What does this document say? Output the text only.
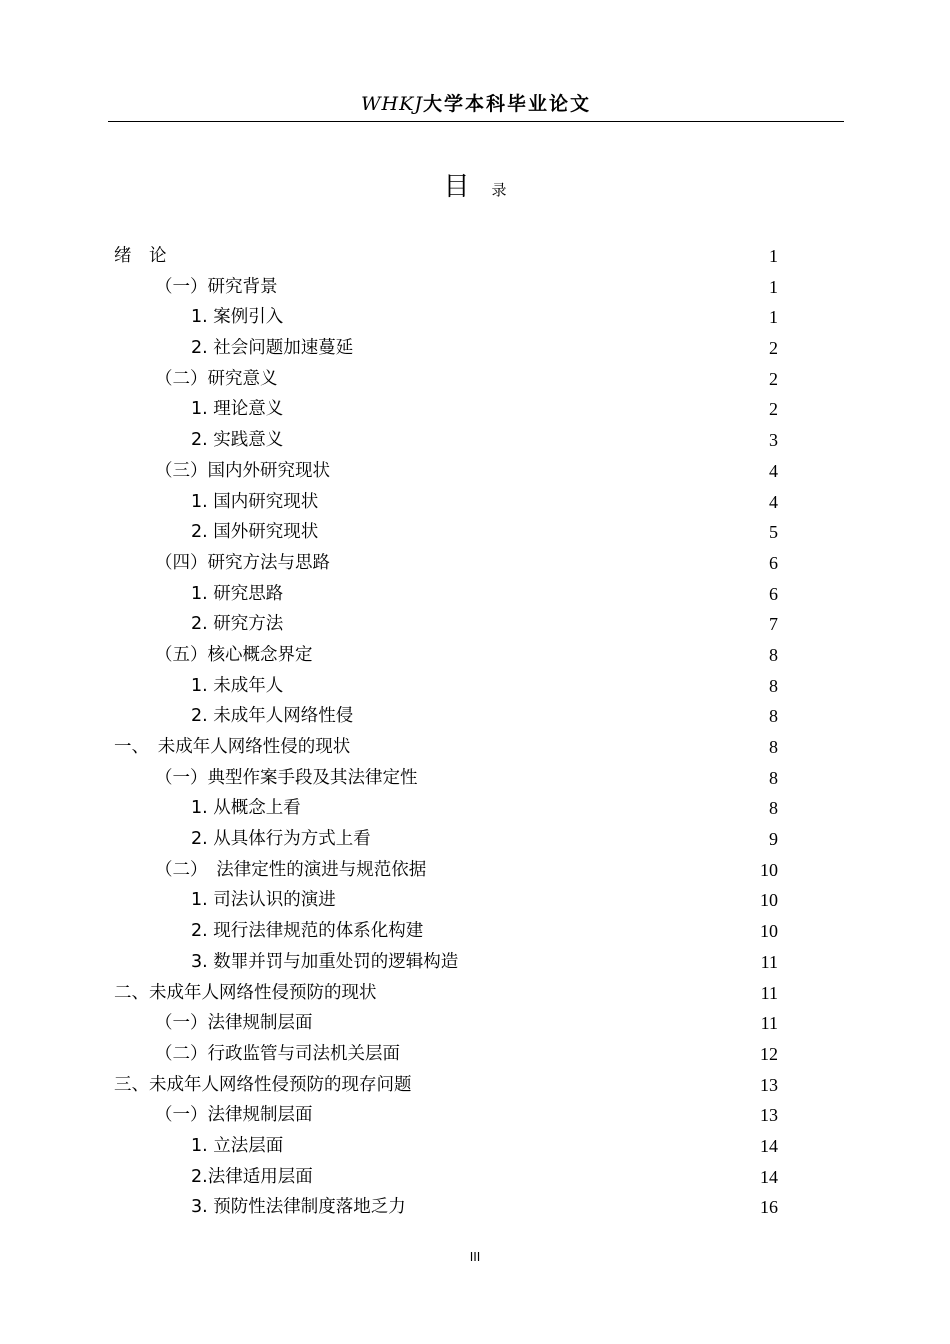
WHKJ大学本科毕业论文
目 录
绪　论	1
（一）研究背景	1
1. 案例引入	1
2. 社会问题加速蔓延	2
（二）研究意义	2
1. 理论意义	2
2. 实践意义	3
（三）国内外研究现状	4
1. 国内研究现状	4
2. 国外研究现状	5
（四）研究方法与思路	6
1. 研究思路	6
2. 研究方法	7
（五）核心概念界定	8
1. 未成年人	8
2. 未成年人网络性侵	8
一、　未成年人网络性侵的现状	8
（一）典型作案手段及其法律定性	8
1. 从概念上看	8
2. 从具体行为方式上看	9
（二）　法律定性的演进与规范依据	10
1. 司法认识的演进	10
2. 现行法律规范的体系化构建	10
3. 数罪并罚与加重处罚的逻辑构造	11
二、未成年人网络性侵预防的现状	11
（一）法律规制层面	11
（二）行政监管与司法机关层面	12
三、未成年人网络性侵预防的现存问题	13
（一）法律规制层面	13
1. 立法层面	14
2.法律适用层面	14
3. 预防性法律制度落地乏力	16
III
